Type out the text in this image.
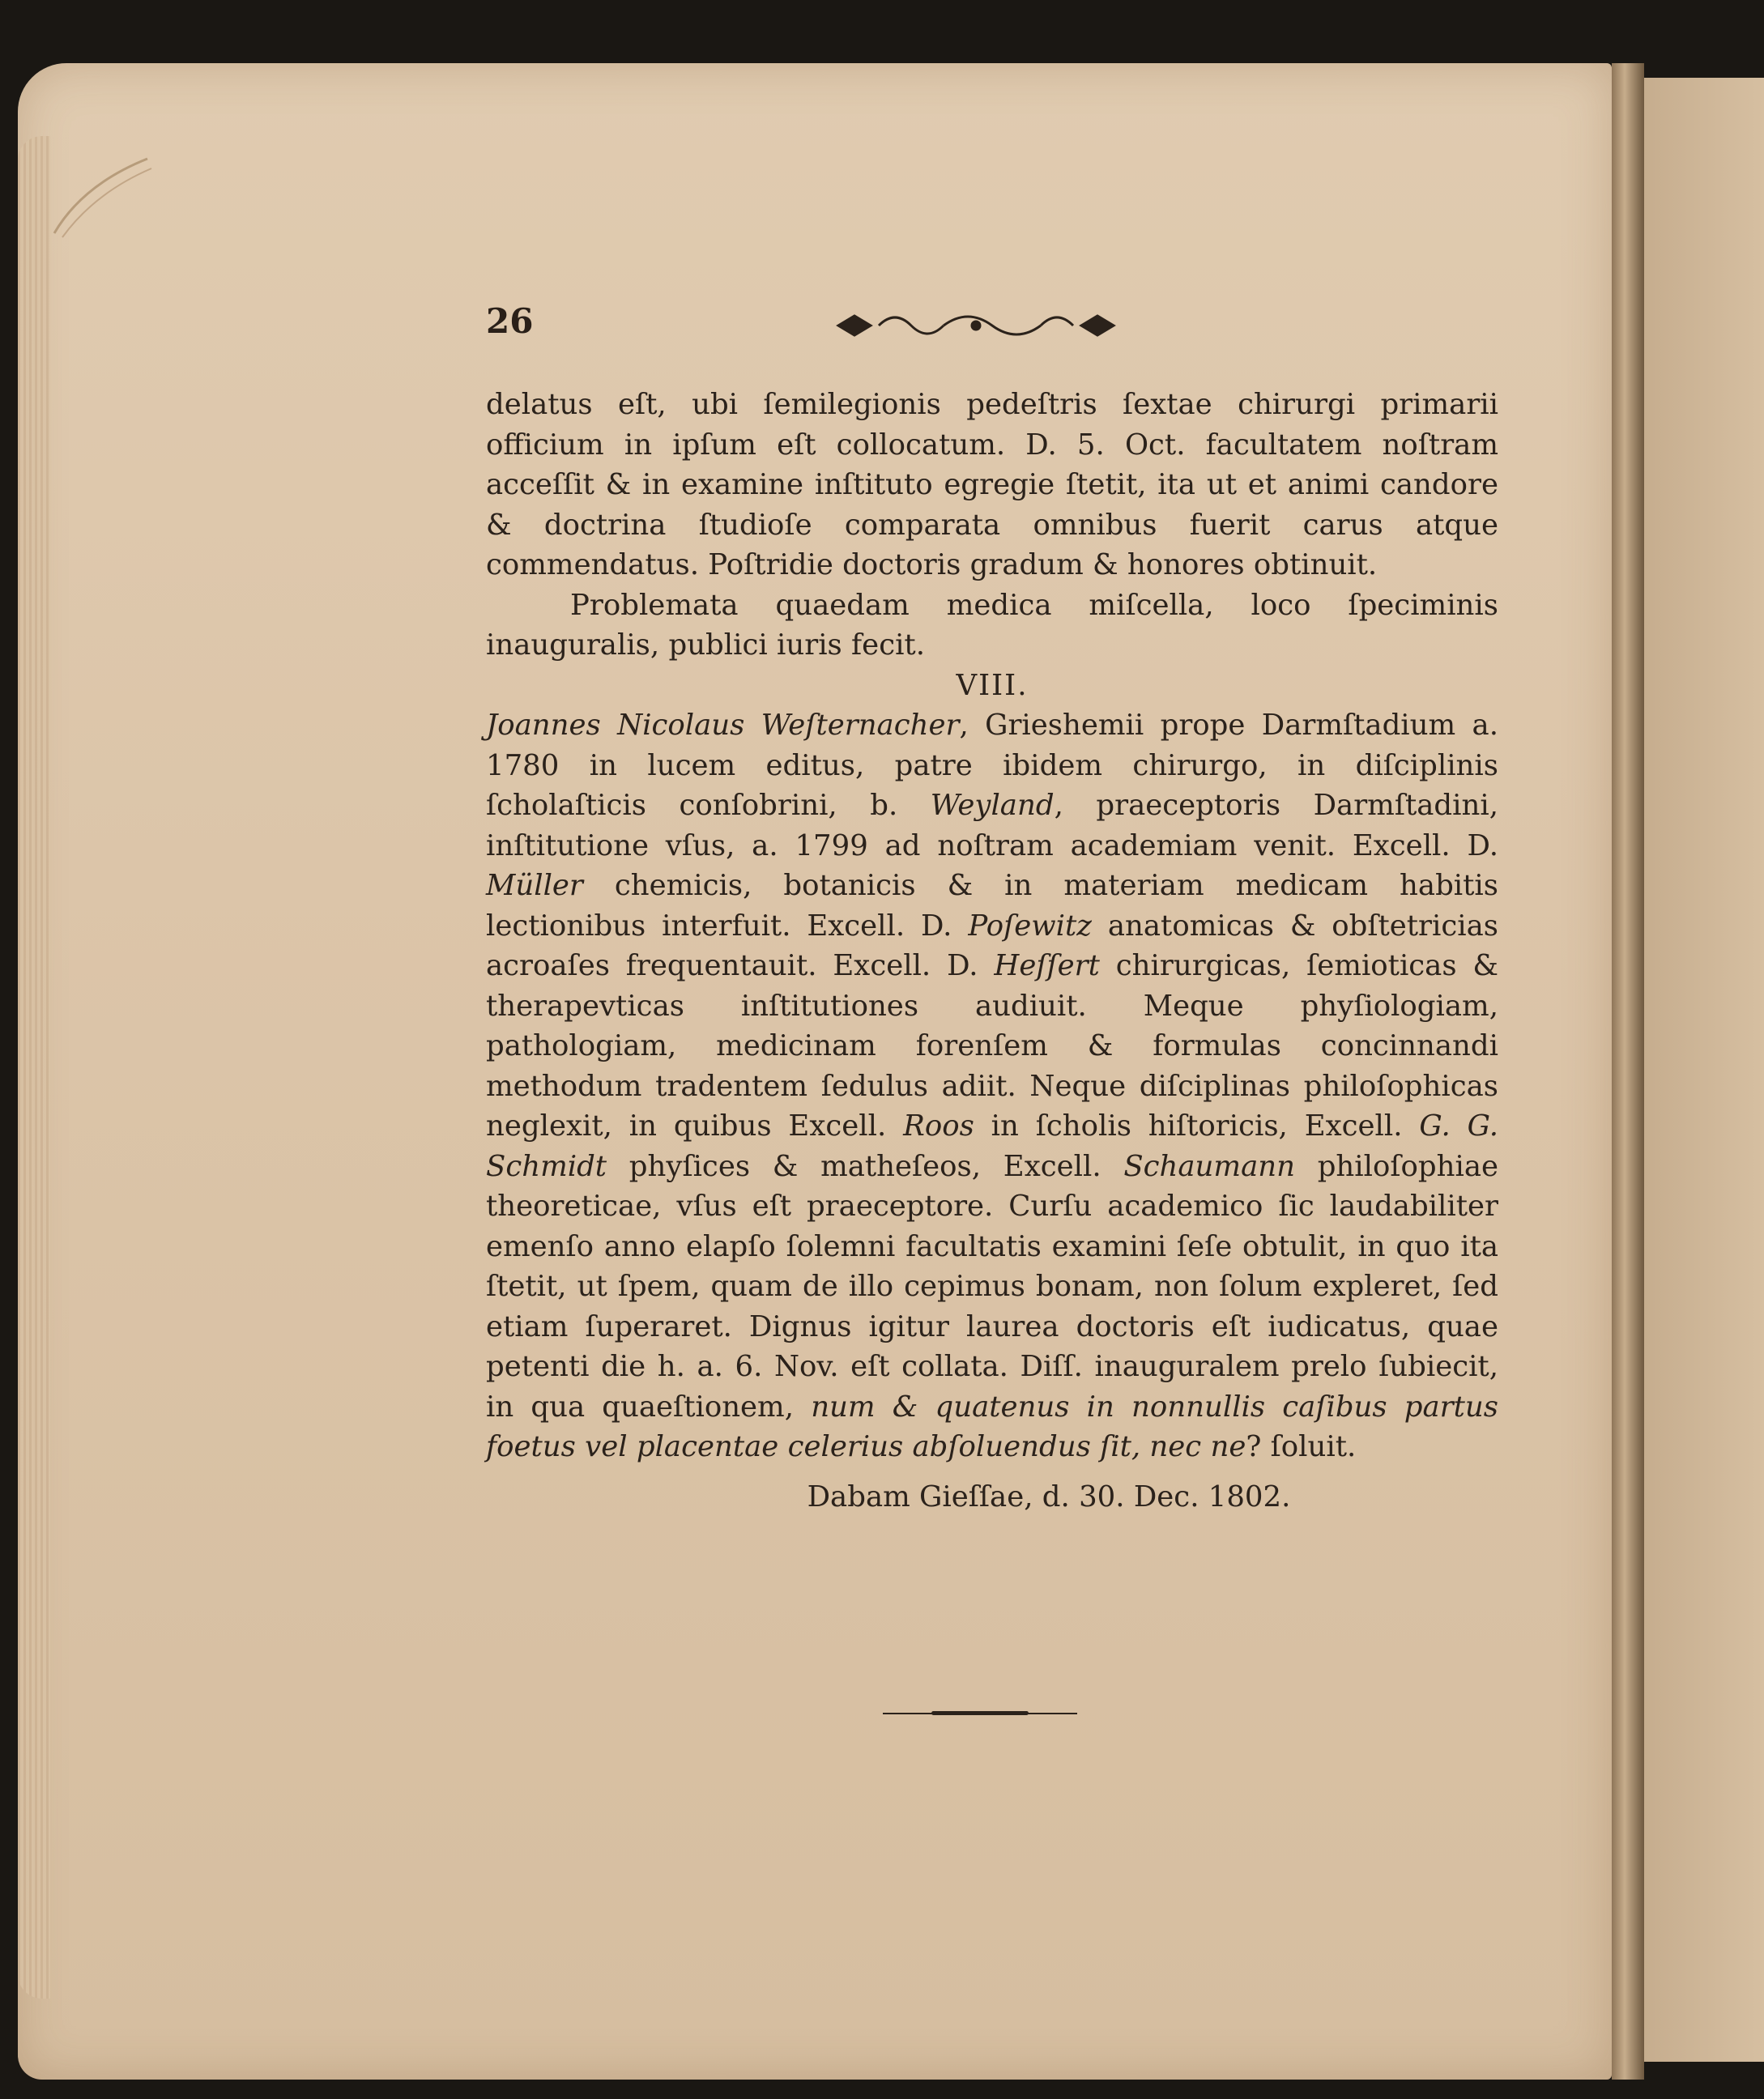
26

delatus eſt, ubi ſemilegionis pedeſtris ſextae chirurgi primarii officium in ipſum eſt collocatum. D. 5. Oct. facultatem noſtram acceſſit & in examine inſtituto egregie ſtetit, ita ut et animi candore & doctrina ſtudioſe comparata omnibus fuerit carus atque commendatus. Poſtridie doctoris gradum & honores obtinuit.

Problemata quaedam medica miſcella, loco ſpeciminis inauguralis, publici iuris fecit.

VIII.

Joannes Nicolaus Weſternacher, Grieshemii prope Darmſtadium a. 1780 in lucem editus, patre ibidem chirurgo, in diſciplinis ſcholaſticis conſobrini, b. Weyland, praeceptoris Darmſtadini, inſtitutione vſus, a. 1799 ad noſtram academiam venit. Excell. D. Müller chemicis, botanicis & in materiam medicam habitis lectionibus interfuit. Excell. D. Poſewitz anatomicas & obſtetricias acroaſes frequentauit. Excell. D. Heſſert chirurgicas, ſemioticas & therapevticas inſtitutiones audiuit. Meque phyſiologiam, pathologiam, medicinam forenſem & formulas concinnandi methodum tradentem ſedulus adiit. Neque diſciplinas philoſophicas neglexit, in quibus Excell. Roos in ſcholis hiſtoricis, Excell. G. G. Schmidt phyſices & matheſeos, Excell. Schaumann philoſophiae theoreticae, vſus eſt praeceptore. Curſu academico ſic laudabiliter emenſo anno elapſo ſolemni facultatis examini ſeſe obtulit, in quo ita ſtetit, ut ſpem, quam de illo cepimus bonam, non ſolum expleret, ſed etiam ſuperaret. Dignus igitur laurea doctoris eſt iudicatus, quae petenti die h. a. 6. Nov. eſt collata. Diſſ. inauguralem prelo ſubiecit, in qua quaeſtionem, num & quatenus in nonnullis caſibus partus foetus vel placentae celerius abſoluendus ſit, nec ne? ſoluit.

Dabam Gieſſae, d. 30. Dec. 1802.
